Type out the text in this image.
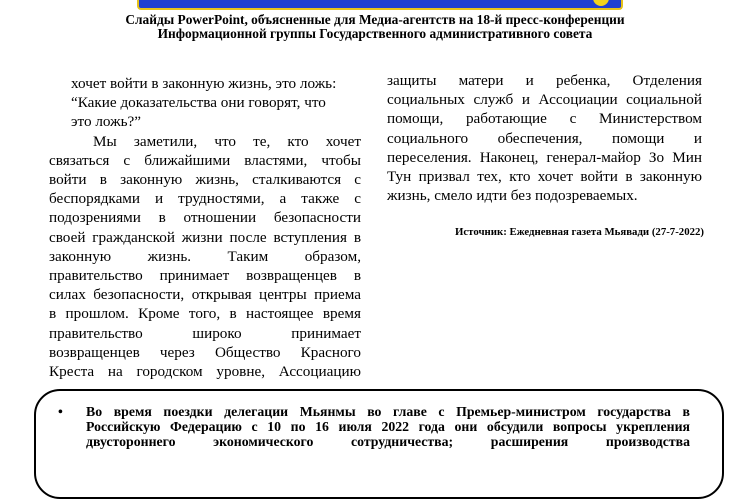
Слайды PowerPoint, объясненные для Медиа-агентств на 18-й пресс-конференции Информационной группы Государственного административного совета

хочет войти в законную жизнь, это ложь:

“Какие доказательства они говорят, что

это ложь?”

Мы заметили, что те, кто хочет

связаться с ближайшими властями, чтобы

войти в законную жизнь, сталкиваются с

беспорядками и трудностями, а также с

подозрениями в отношении безопасности

своей гражданской жизни после вступления в

законную жизнь. Таким образом,

правительство принимает возвращенцев в

силах безопасности, открывая центры приема

в прошлом. Кроме того, в настоящее время

правительство широко принимает

возвращенцев через Общество Красного

Креста на городском уровне, Ассоциацию

защиты матери и ребенка, Отделения

социальных служб и Ассоциации социальной

помощи, работающие с Министерством

социального обеспечения, помощи и

переселения. Наконец, генерал-майор Зо Мин

Тун призвал тех, кто хочет войти в законную

жизнь, смело идти без подозреваемых.

Источник: Ежедневная газета Мьявади (27-7-2022)
• Во время поездки делегации Мьянмы во главе с Премьер-министром государства в
Российскую Федерацию с 10 по 16 июля 2022 года они обсудили вопросы укрепления
двустороннего экономического сотрудничества; расширения производства
